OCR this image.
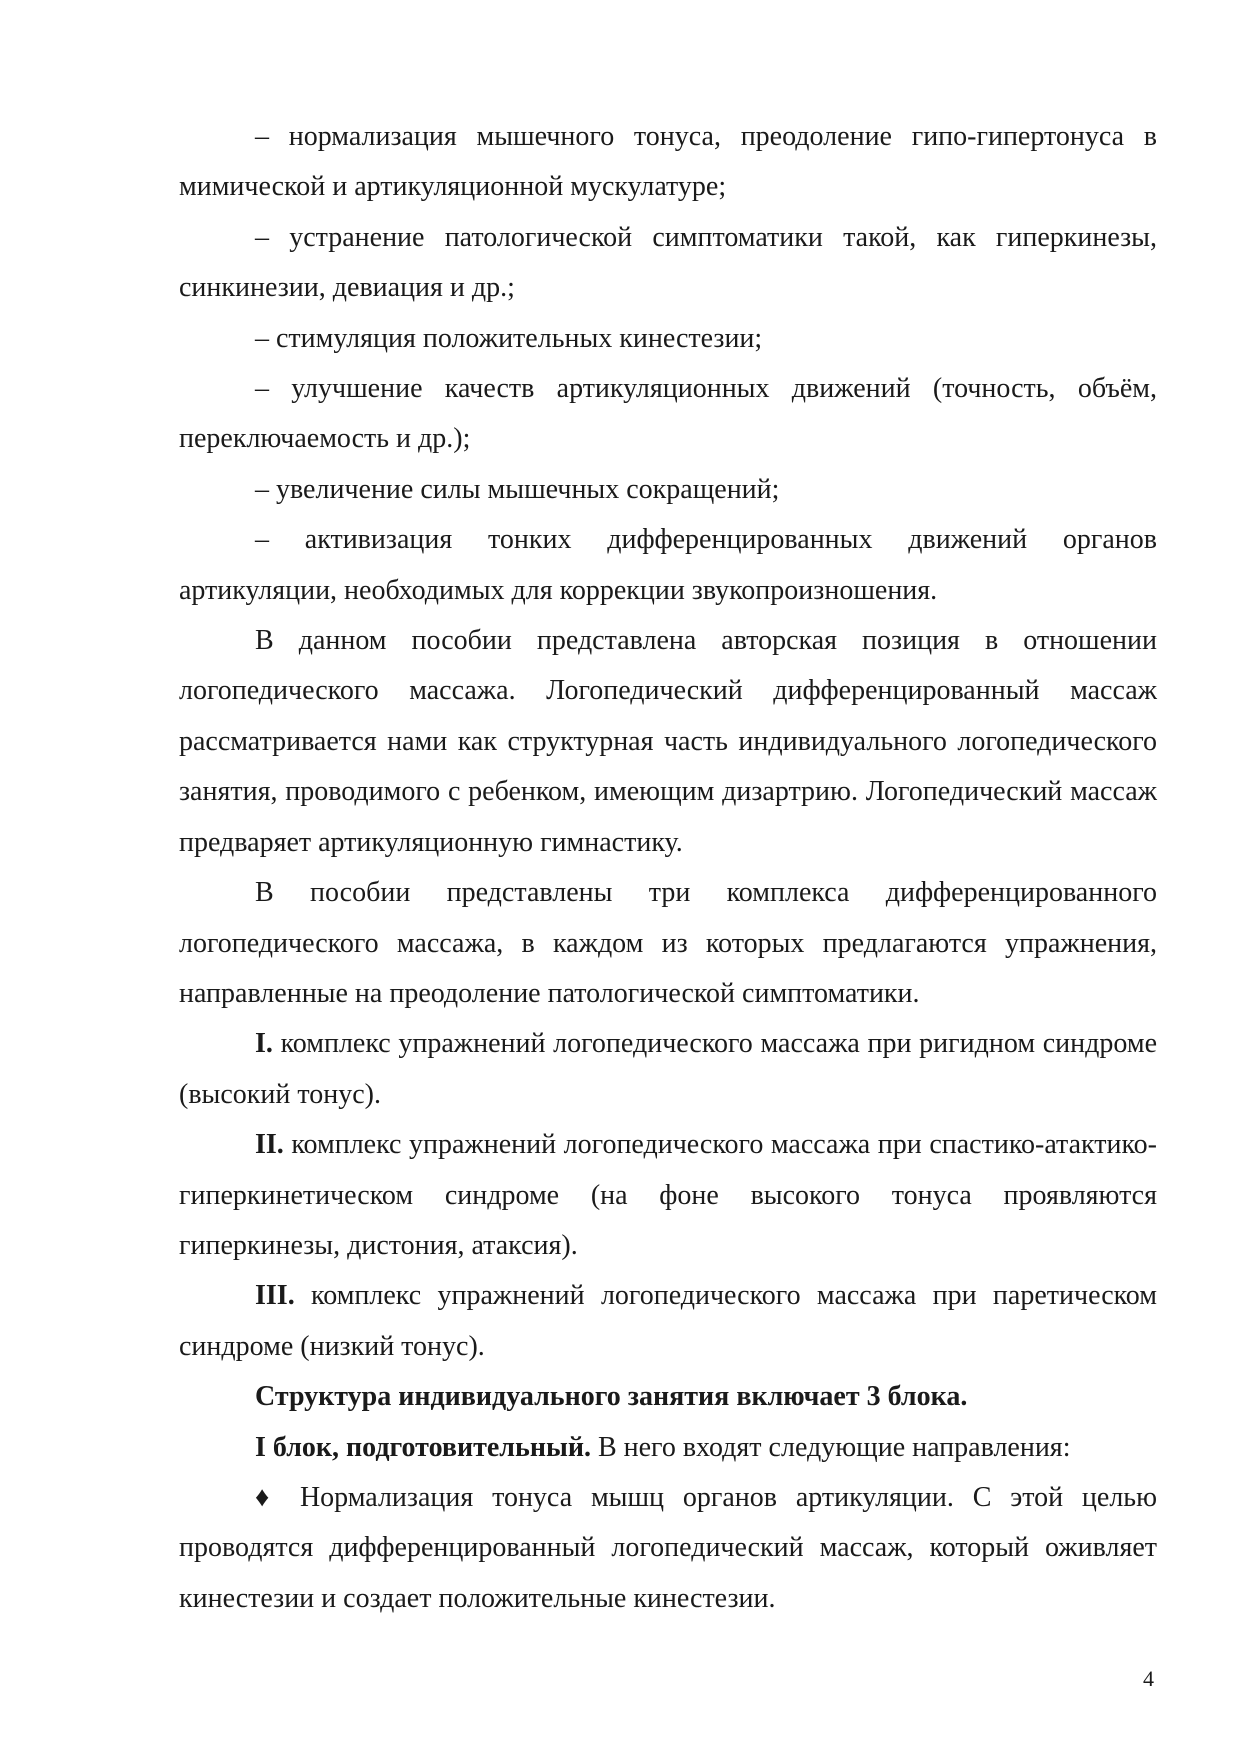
– нормализация мышечного тонуса, преодоление гипо-гипертонуса в мимической и артикуляционной мускулатуре;

– устранение патологической симптоматики такой, как гиперкинезы, синкинезии, девиация и др.;

– стимуляция положительных кинестезии;

– улучшение качеств артикуляционных движений (точность, объём, переключаемость и др.);

– увеличение силы мышечных сокращений;

– активизация тонких дифференцированных движений органов артикуляции, необходимых для коррекции звукопроизношения.

В данном пособии представлена авторская позиция в отношении логопедического массажа. Логопедический дифференцированный массаж рассматривается нами как структурная часть индивидуального логопедического занятия, проводимого с ребенком, имеющим дизартрию. Логопедический массаж предваряет артикуляционную гимнастику.

В пособии представлены три комплекса дифференцированного логопедического массажа, в каждом из которых предлагаются упражнения, направленные на преодоление патологической симптоматики.

I. комплекс упражнений логопедического массажа при ригидном синдроме (высокий тонус).

II. комплекс упражнений логопедического массажа при спастико-атактико-гиперкинетическом синдроме (на фоне высокого тонуса проявляются гиперкинезы, дистония, атаксия).

III. комплекс упражнений логопедического массажа при паретическом синдроме (низкий тонус).

Структура индивидуального занятия включает 3 блока.

I блок, подготовительный. В него входят следующие направления:

♦ Нормализация тонуса мышц органов артикуляции. С этой целью проводятся дифференцированный логопедический массаж, который оживляет кинестезии и создает положительные кинестезии.

4
